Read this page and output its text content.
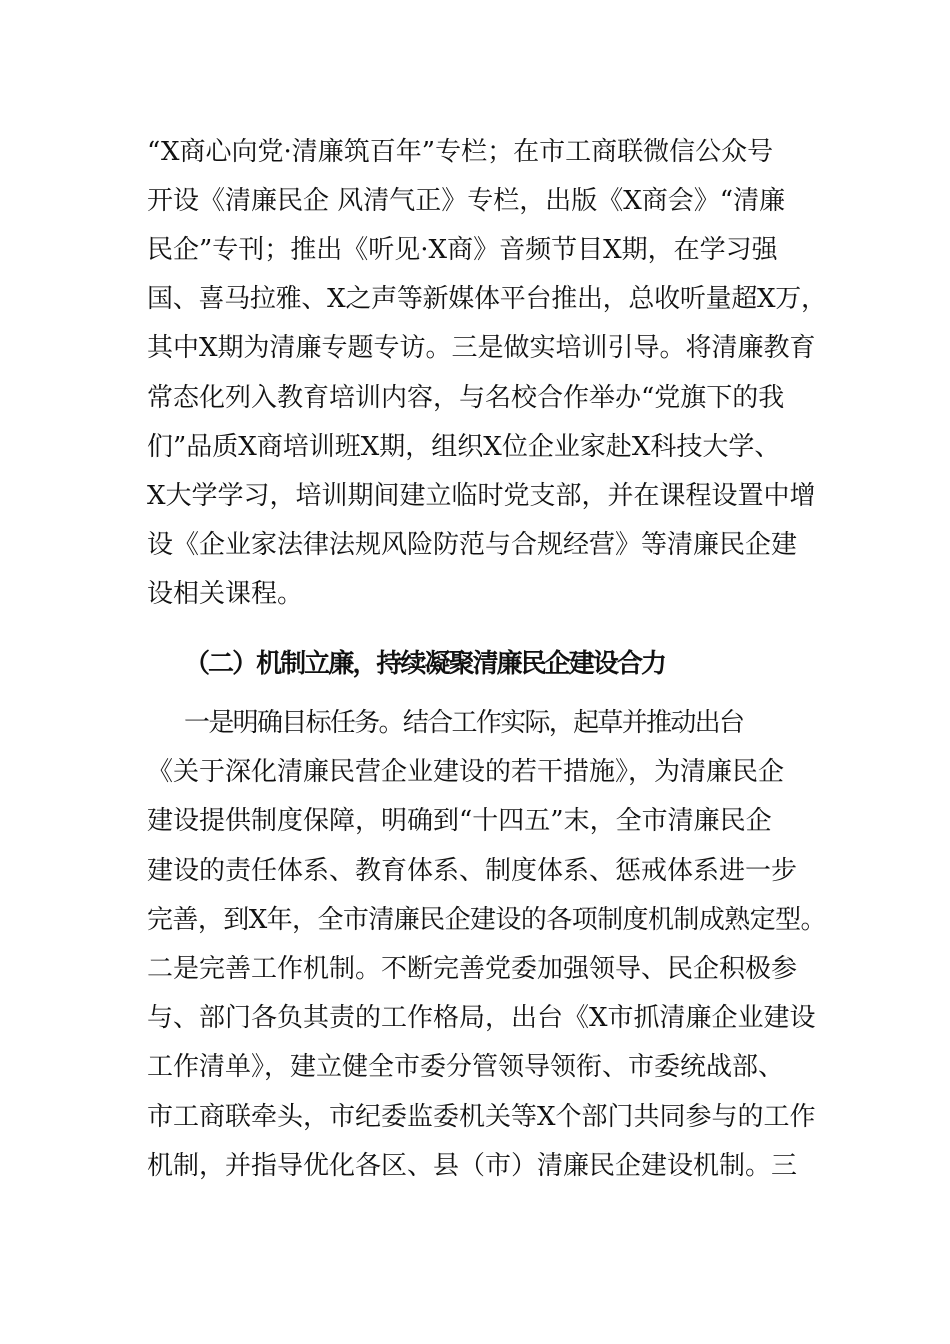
“X商心向党·清廉筑百年”专栏；在市工商联微信公众号
开设《清廉民企 风清气正》专栏，出版《X商会》“清廉
民企”专刊；推出《听见·X商》音频节目X期，在学习强
国、喜马拉雅、X之声等新媒体平台推出，总收听量超X万，
其中X期为清廉专题专访。三是做实培训引导。将清廉教育
常态化列入教育培训内容，与名校合作举办“党旗下的我
们”品质X商培训班X期，组织X位企业家赴X科技大学、
X大学学习，培训期间建立临时党支部，并在课程设置中增
设《企业家法律法规风险防范与合规经营》等清廉民企建
设相关课程。
（二）机制立廉，持续凝聚清廉民企建设合力
一是明确目标任务。结合工作实际，起草并推动出台
《关于深化清廉民营企业建设的若干措施》，为清廉民企
建设提供制度保障，明确到“十四五”末，全市清廉民企
建设的责任体系、教育体系、制度体系、惩戒体系进一步
完善，到X年，全市清廉民企建设的各项制度机制成熟定型。
二是完善工作机制。不断完善党委加强领导、民企积极参
与、部门各负其责的工作格局，出台《X市抓清廉企业建设
工作清单》，建立健全市委分管领导领衔、市委统战部、
市工商联牵头，市纪委监委机关等X个部门共同参与的工作
机制，并指导优化各区、县（市）清廉民企建设机制。三
